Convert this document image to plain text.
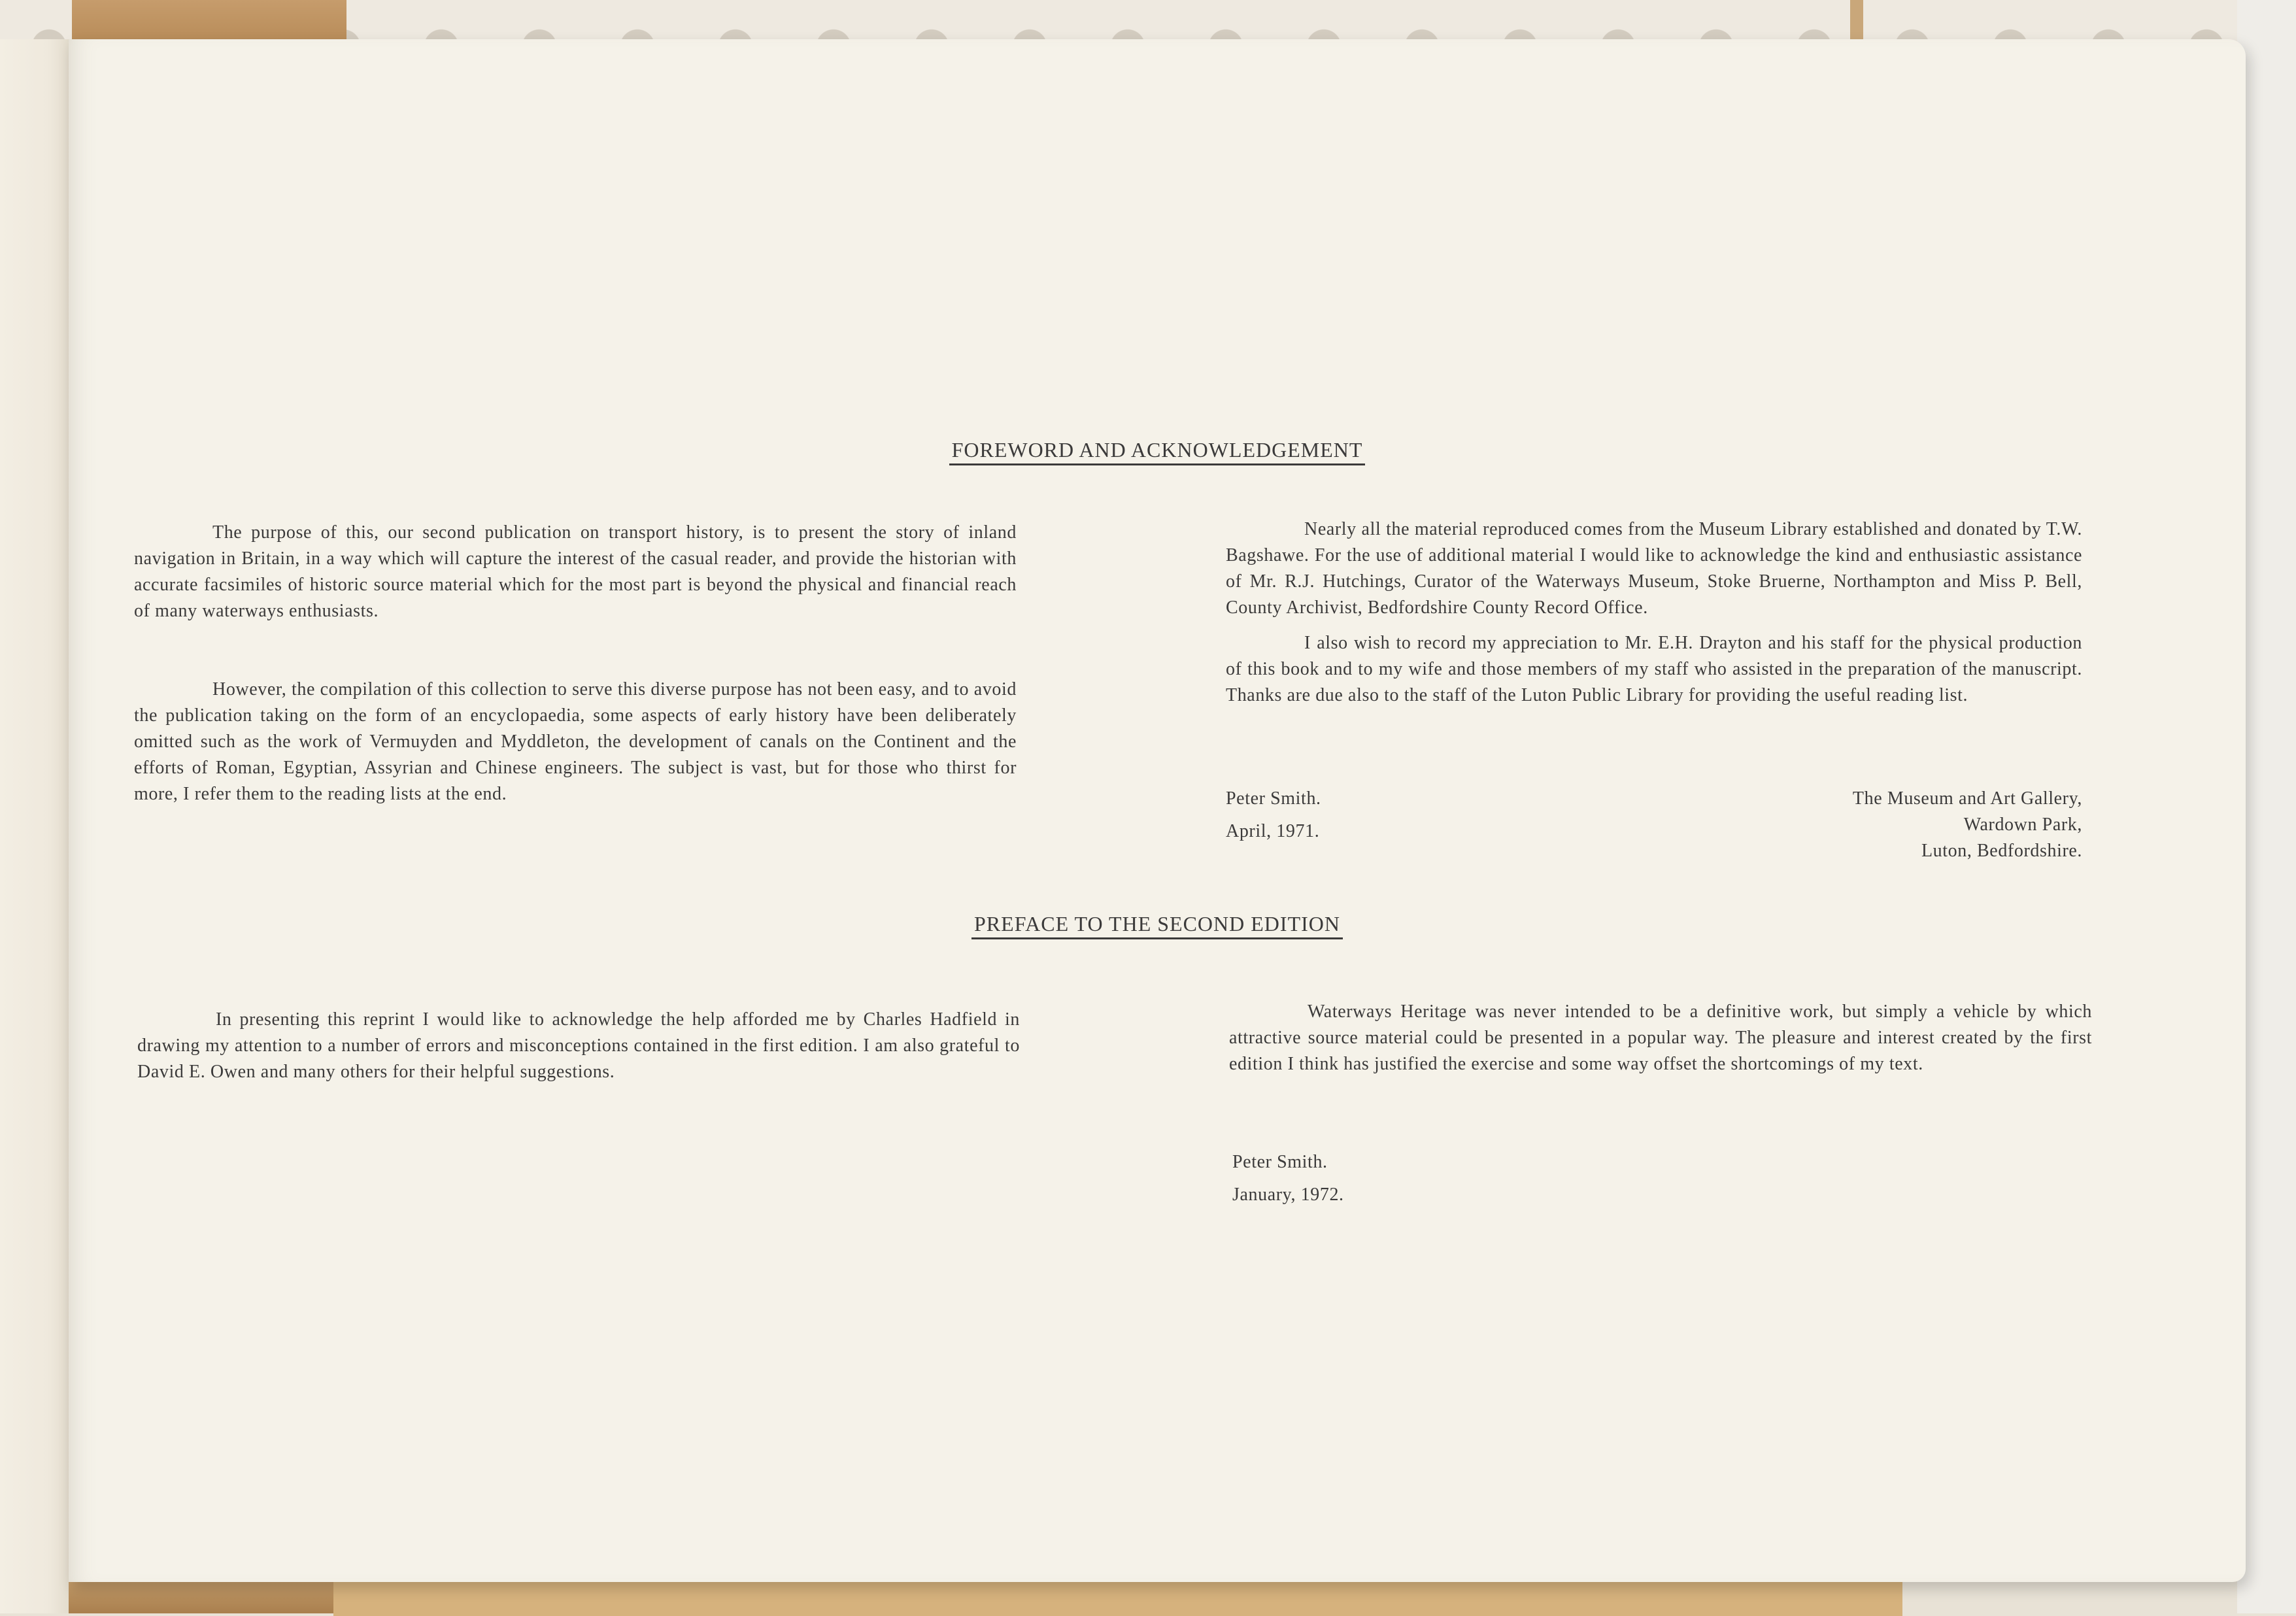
FOREWORD AND ACKNOWLEDGEMENT

The purpose of this, our second publication on transport history, is to present the story of inland navigation in Britain, in a way which will capture the interest of the casual reader, and provide the historian with accurate facsimiles of historic source material which for the most part is beyond the physical and financial reach of many waterways enthusiasts.

However, the compilation of this collection to serve this diverse purpose has not been easy, and to avoid the publication taking on the form of an encyclopaedia, some aspects of early history have been deliberately omitted such as the work of Vermuyden and Myddleton, the development of canals on the Continent and the efforts of Roman, Egyptian, Assyrian and Chinese engineers. The subject is vast, but for those who thirst for more, I refer them to the reading lists at the end.

Nearly all the material reproduced comes from the Museum Library established and donated by T.W. Bagshawe. For the use of additional material I would like to acknowledge the kind and enthusiastic assistance of Mr. R.J. Hutchings, Curator of the Waterways Museum, Stoke Bruerne, Northampton and Miss P. Bell, County Archivist, Bedfordshire County Record Office.

I also wish to record my appreciation to Mr. E.H. Drayton and his staff for the physical production of this book and to my wife and those members of my staff who assisted in the preparation of the manuscript. Thanks are due also to the staff of the Luton Public Library for providing the useful reading list.

Peter Smith.
April, 1971.
The Museum and Art Gallery,
Wardown Park,
Luton, Bedfordshire.
PREFACE TO THE SECOND EDITION

In presenting this reprint I would like to acknowledge the help afforded me by Charles Hadfield in drawing my attention to a number of errors and misconceptions contained in the first edition. I am also grateful to David E. Owen and many others for their helpful suggestions.

Waterways Heritage was never intended to be a definitive work, but simply a vehicle by which attractive source material could be presented in a popular way. The pleasure and interest created by the first edition I think has justified the exercise and some way offset the shortcomings of my text.

Peter Smith.
January, 1972.
